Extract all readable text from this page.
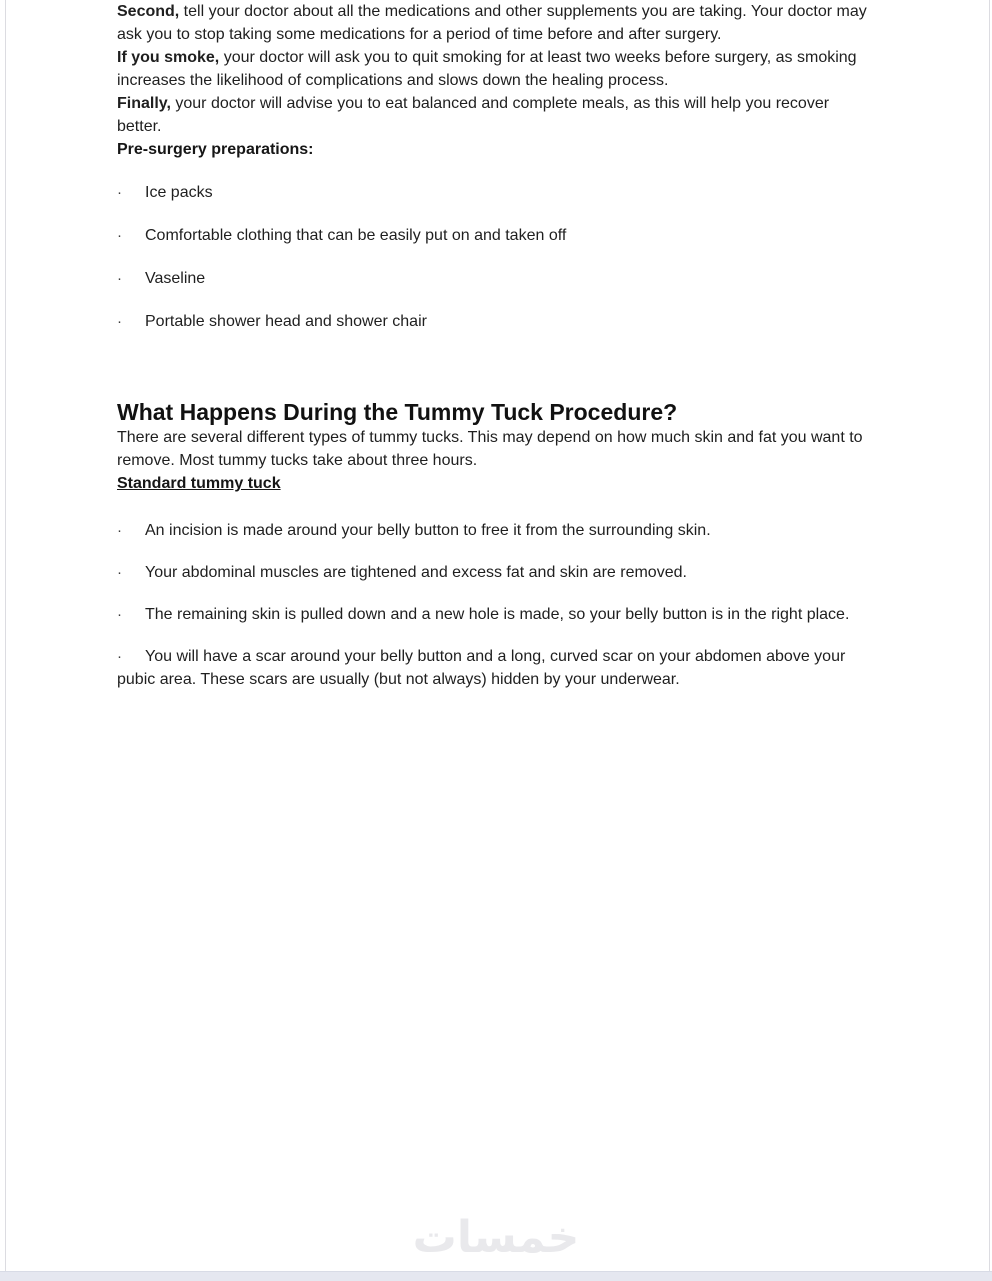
Second, tell your doctor about all the medications and other supplements you are taking. Your doctor may ask you to stop taking some medications for a period of time before and after surgery.

If you smoke, your doctor will ask you to quit smoking for at least two weeks before surgery, as smoking increases the likelihood of complications and slows down the healing process.

Finally, your doctor will advise you to eat balanced and complete meals, as this will help you recover better.

Pre-surgery preparations:

· Ice packs
· Comfortable clothing that can be easily put on and taken off
· Vaseline
· Portable shower head and shower chair
What Happens During the Tummy Tuck Procedure?

There are several different types of tummy tucks. This may depend on how much skin and fat you want to remove. Most tummy tucks take about three hours.

Standard tummy tuck

· An incision is made around your belly button to free it from the surrounding skin.
· Your abdominal muscles are tightened and excess fat and skin are removed.
· The remaining skin is pulled down and a new hole is made, so your belly button is in the right place.
· You will have a scar around your belly button and a long, curved scar on your abdomen above your pubic area. These scars are usually (but not always) hidden by your underwear.
خمسات
